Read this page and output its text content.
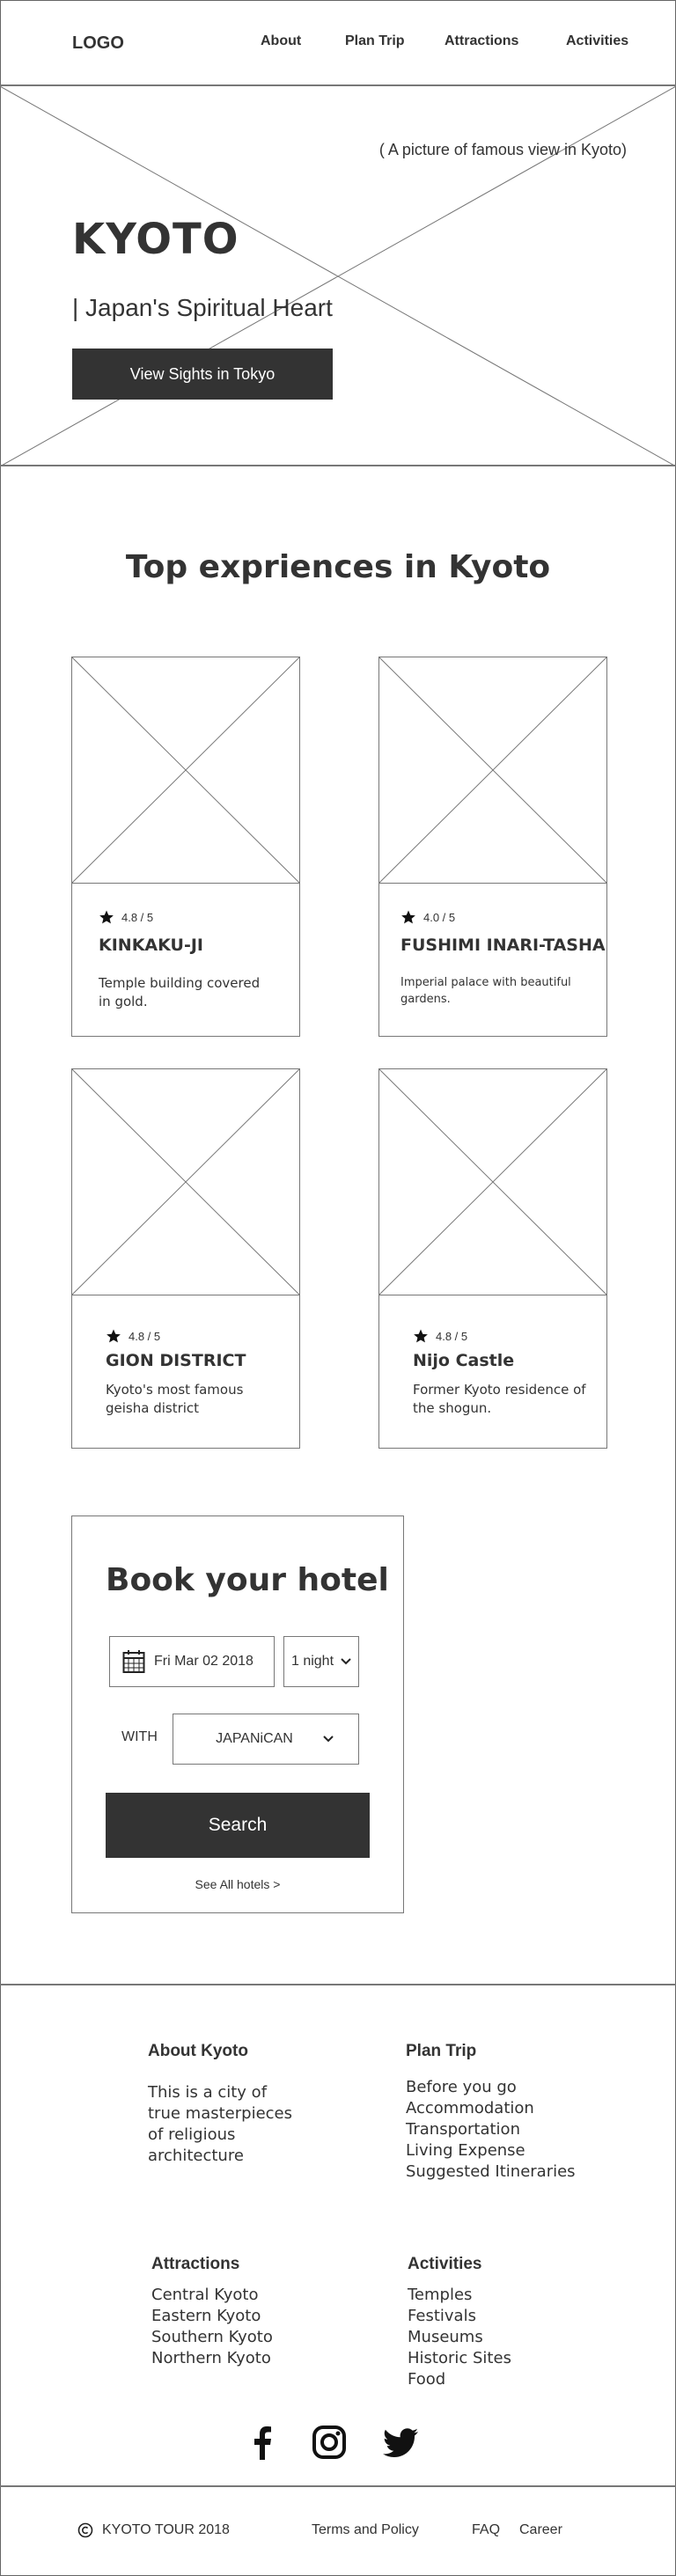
LOGO	About	Plan Trip	Attractions	Activities
( A picture of famous view in Kyoto)
KYOTO
| Japan's Spiritual Heart
View Sights in Tokyo
Top expriences in Kyoto
4.8 / 5
KINKAKU-JI
Temple building covered in gold.
4.0 / 5
FUSHIMI INARI-TASHA
Imperial palace with beautiful gardens.
4.8 / 5
GION DISTRICT
Kyoto's most famous geisha district
4.8 / 5
Nijo Castle
Former Kyoto residence of the shogun.
Book your hotel
Fri Mar 02 2018	1 night
WITH	JAPANiCAN
Search
See All hotels >
About Kyoto
This is a city of true masterpieces of religious architecture
Plan Trip
Before you go
Accommodation
Transportation
Living Expense
Suggested Itineraries
Attractions
Central Kyoto
Eastern Kyoto
Southern Kyoto
Northern Kyoto
Activities
Temples
Festivals
Museums
Historic Sites
Food
KYOTO TOUR 2018	Terms and Policy	FAQ Career
